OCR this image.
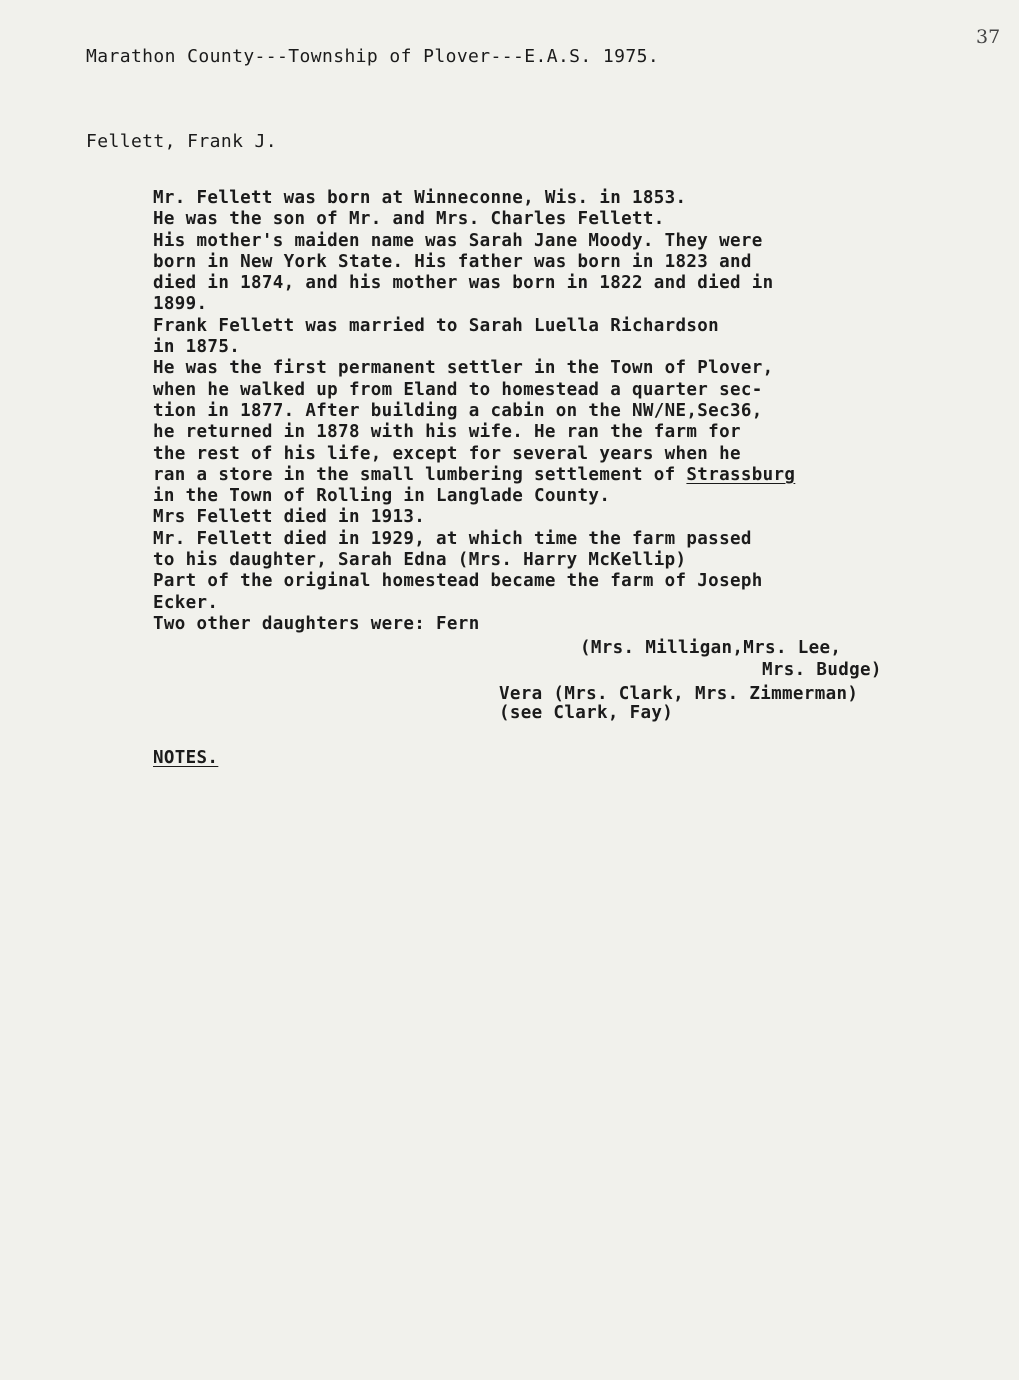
37
Marathon County---Township of Plover---E.A.S. 1975.
Fellett, Frank J.
Mr. Fellett was born at Winneconne, Wis. in 1853.
He was the son of Mr. and Mrs. Charles Fellett.
His mother's maiden name was Sarah Jane Moody. They were
born in New York State. His father was born in 1823 and
died in 1874, and his mother was born in 1822 and died in
1899.
Frank Fellett was married to Sarah Luella Richardson
in 1875.
He was the first permanent settler in the Town of Plover,
when he walked up from Eland to homestead a quarter sec-
tion in 1877. After building a cabin on the NW/NE,Sec36,
he returned in 1878 with his wife. He ran the farm for
the rest of his life, except for several years when he
ran a store in the small lumbering settlement of Strassburg
in the Town of Rolling in Langlade County.
Mrs Fellett died in 1913.
Mr. Fellett died in 1929, at which time the farm passed
to his daughter, Sarah Edna (Mrs. Harry McKellip)
Part of the original homestead became the farm of Joseph
Ecker.
Two other daughters were: Fern
(Mrs. Milligan,Mrs. Lee,
Mrs. Budge)
Vera (Mrs. Clark, Mrs. Zimmerman)
(see Clark, Fay)
NOTES.
